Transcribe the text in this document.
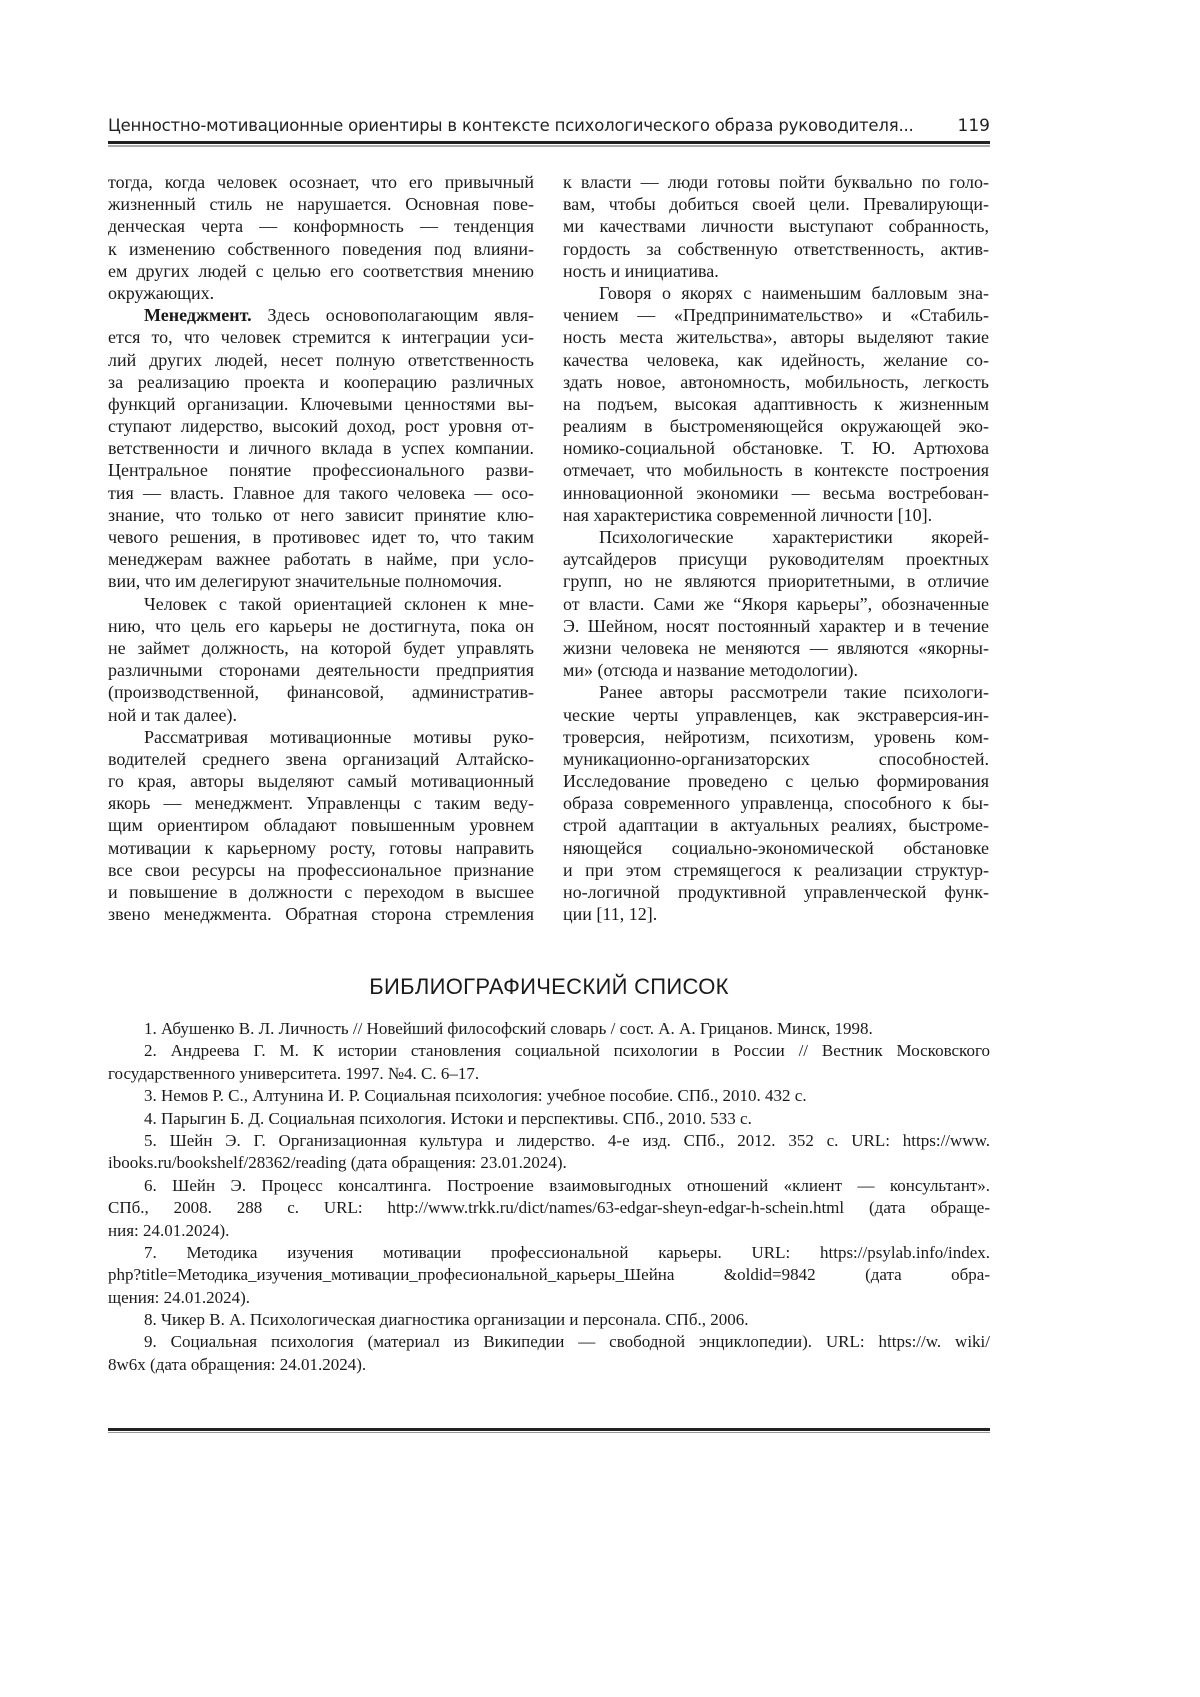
Ценностно-мотивационные ориентиры в контексте психологического образа руководителя...	119
тогда, когда человек осознает, что его привычный
жизненный стиль не нарушается. Основная пове-
денческая черта — конформность — тенденция
к изменению собственного поведения под влияни-
ем других людей с целью его соответствия мнению
окружающих.
Менеджмент. Здесь основополагающим явля-
ется то, что человек стремится к интеграции уси-
лий других людей, несет полную ответственность
за реализацию проекта и кооперацию различных
функций организации. Ключевыми ценностями вы-
ступают лидерство, высокий доход, рост уровня от-
ветственности и личного вклада в успех компании.
Центральное понятие профессионального разви-
тия — власть. Главное для такого человека — осо-
знание, что только от него зависит принятие клю-
чевого решения, в противовес идет то, что таким
менеджерам важнее работать в найме, при усло-
вии, что им делегируют значительные полномочия.
Человек с такой ориентацией склонен к мне-
нию, что цель его карьеры не достигнута, пока он
не займет должность, на которой будет управлять
различными сторонами деятельности предприятия
(производственной, финансовой, административ-
ной и так далее).
Рассматривая мотивационные мотивы руко-
водителей среднего звена организаций Алтайско-
го края, авторы выделяют самый мотивационный
якорь — менеджмент. Управленцы с таким веду-
щим ориентиром обладают повышенным уровнем
мотивации к карьерному росту, готовы направить
все свои ресурсы на профессиональное признание
и повышение в должности с переходом в высшее
звено менеджмента. Обратная сторона стремления
к власти — люди готовы пойти буквально по голо-
вам, чтобы добиться своей цели. Превалирующи-
ми качествами личности выступают собранность,
гордость за собственную ответственность, актив-
ность и инициатива.
Говоря о якорях с наименьшим балловым зна-
чением — «Предпринимательство» и «Стабиль-
ность места жительства», авторы выделяют такие
качества человека, как идейность, желание со-
здать новое, автономность, мобильность, легкость
на подъем, высокая адаптивность к жизненным
реалиям в быстроменяющейся окружающей эко-
номико-социальной обстановке. Т. Ю. Артюхова
отмечает, что мобильность в контексте построения
инновационной экономики — весьма востребован-
ная характеристика современной личности [10].
Психологические характеристики якорей-
аутсайдеров присущи руководителям проектных
групп, но не являются приоритетными, в отличие
от власти. Сами же “Якоря карьеры”, обозначенные
Э. Шейном, носят постоянный характер и в течение
жизни человека не меняются — являются «якорны-
ми» (отсюда и название методологии).
Ранее авторы рассмотрели такие психологи-
ческие черты управленцев, как экстраверсия-ин-
троверсия, нейротизм, психотизм, уровень ком-
муникационно-организаторских способностей.
Исследование проведено с целью формирования
образа современного управленца, способного к бы-
строй адаптации в актуальных реалиях, быстроме-
няющейся социально-экономической обстановке
и при этом стремящегося к реализации структур-
но-логичной продуктивной управленческой функ-
ции [11, 12].
БИБЛИОГРАФИЧЕСКИЙ СПИСОК
1. Абушенко В. Л. Личность // Новейший философский словарь / сост. А. А. Грицанов. Минск, 1998.
2. Андреева Г. М. К истории становления социальной психологии в России // Вестник Московского
государственного университета. 1997. №4. С. 6–17.
3. Немов Р. С., Алтунина И. Р. Социальная психология: учебное пособие. СПб., 2010. 432 с.
4. Парыгин Б. Д. Социальная психология. Истоки и перспективы. СПб., 2010. 533 с.
5. Шейн Э. Г. Организационная культура и лидерство. 4-е изд. СПб., 2012. 352 с. URL: https://www.
ibooks.ru/bookshelf/28362/reading (дата обращения: 23.01.2024).
6. Шейн Э. Процесс консалтинга. Построение взаимовыгодных отношений «клиент — консультант».
СПб., 2008. 288 с. URL: http://www.trkk.ru/dict/names/63-edgar-sheyn-edgar-h-schein.html (дата обраще-
ния: 24.01.2024).
7. Методика изучения мотивации профессиональной карьеры. URL: https://psylab.info/index.
php?title=Методика_изучения_мотивации_професиональной_карьеры_Шейна &oldid=9842 (дата обра-
щения: 24.01.2024).
8. Чикер В. А. Психологическая диагностика организации и персонала. СПб., 2006.
9. Социальная психология (материал из Википедии — свободной энциклопедии). URL: https://w. wiki/
8w6x (дата обращения: 24.01.2024).
